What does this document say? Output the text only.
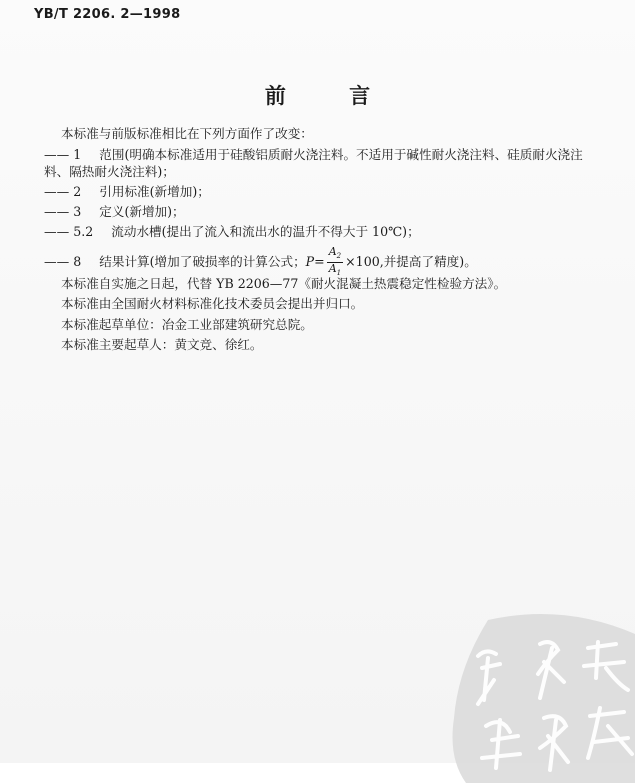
YB/T 2206. 2—1998
前 言
本标准与前版标准相比在下列方面作了改变：
—— 1 范围(明确本标准适用于硅酸铝质耐火浇注料。不适用于碱性耐火浇注料、硅质耐火浇注
料、隔热耐火浇注料)；
—— 2 引用标准(新增加)；
—— 3 定义(新增加)；
—— 5.2 流动水槽(提出了流入和流出水的温升不得大于 10℃)；
—— 8 结果计算(增加了破损率的计算公式；$P= \frac{A_2}{A_1} \times 100$,并提高了精度)。
本标准自实施之日起，代替 YB 2206—77《耐火混凝土热震稳定性检验方法》。
本标准由全国耐火材料标准化技术委员会提出并归口。
本标准起草单位：冶金工业部建筑研究总院。
本标准主要起草人：黄文竞、徐红。
